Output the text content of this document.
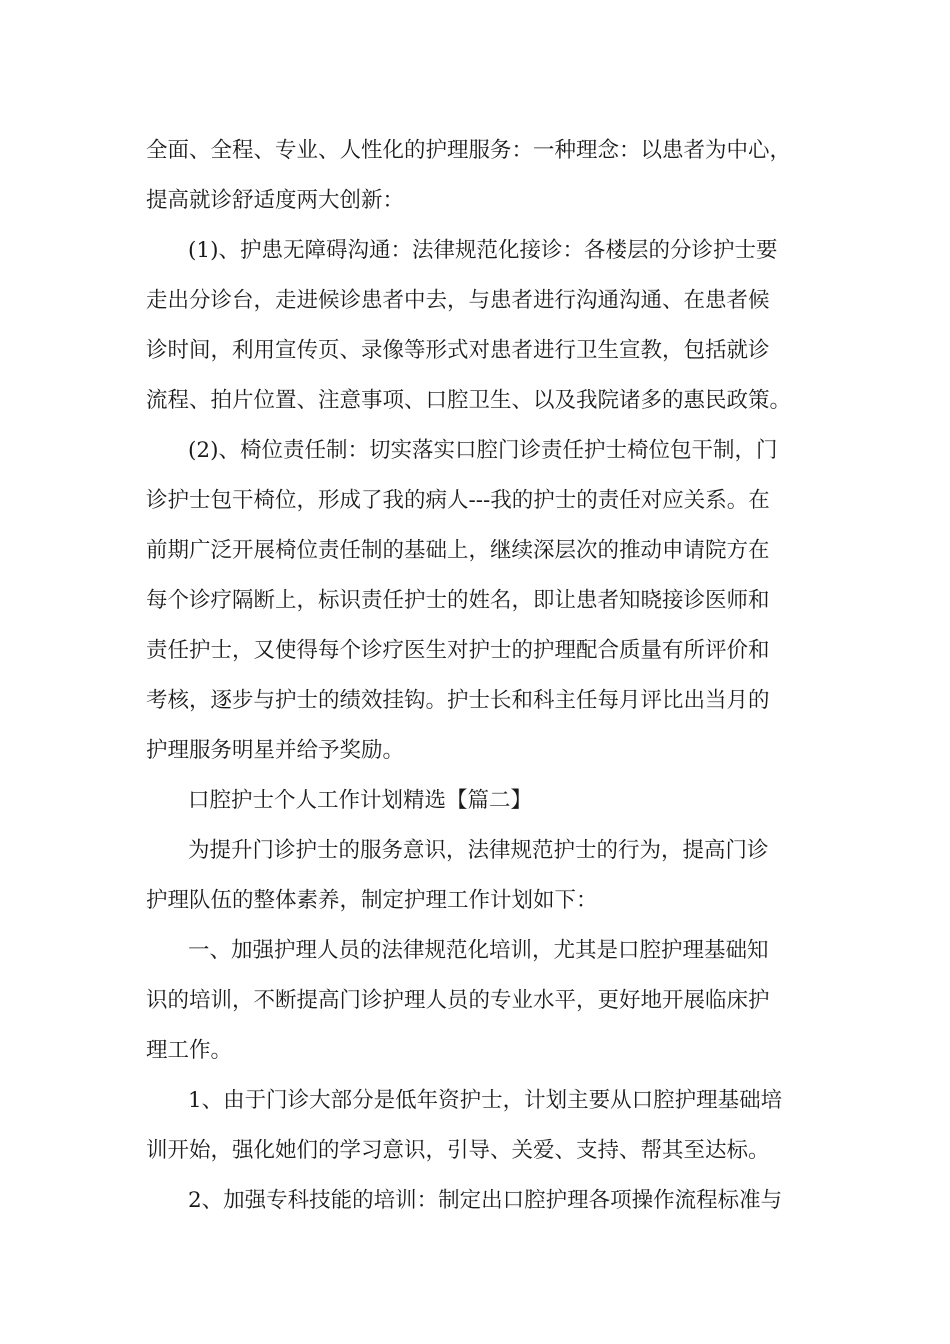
全面、全程、专业、人性化的护理服务：一种理念：以患者为中心，
提高就诊舒适度两大创新：
(1)、护患无障碍沟通：法律规范化接诊：各楼层的分诊护士要
走出分诊台，走进候诊患者中去，与患者进行沟通沟通、在患者候
诊时间，利用宣传页、录像等形式对患者进行卫生宣教，包括就诊
流程、拍片位置、注意事项、口腔卫生、以及我院诸多的惠民政策。
(2)、椅位责任制：切实落实口腔门诊责任护士椅位包干制，门
诊护士包干椅位，形成了我的病人---我的护士的责任对应关系。在
前期广泛开展椅位责任制的基础上，继续深层次的推动申请院方在
每个诊疗隔断上，标识责任护士的姓名，即让患者知晓接诊医师和
责任护士，又使得每个诊疗医生对护士的护理配合质量有所评价和
考核，逐步与护士的绩效挂钩。护士长和科主任每月评比出当月的
护理服务明星并给予奖励。
口腔护士个人工作计划精选【篇二】
为提升门诊护士的服务意识，法律规范护士的行为，提高门诊
护理队伍的整体素养，制定护理工作计划如下：
一、加强护理人员的法律规范化培训，尤其是口腔护理基础知
识的培训，不断提高门诊护理人员的专业水平，更好地开展临床护
理工作。
1、由于门诊大部分是低年资护士，计划主要从口腔护理基础培
训开始，强化她们的学习意识，引导、关爱、支持、帮其至达标。
2、加强专科技能的培训：制定出口腔护理各项操作流程标准与
